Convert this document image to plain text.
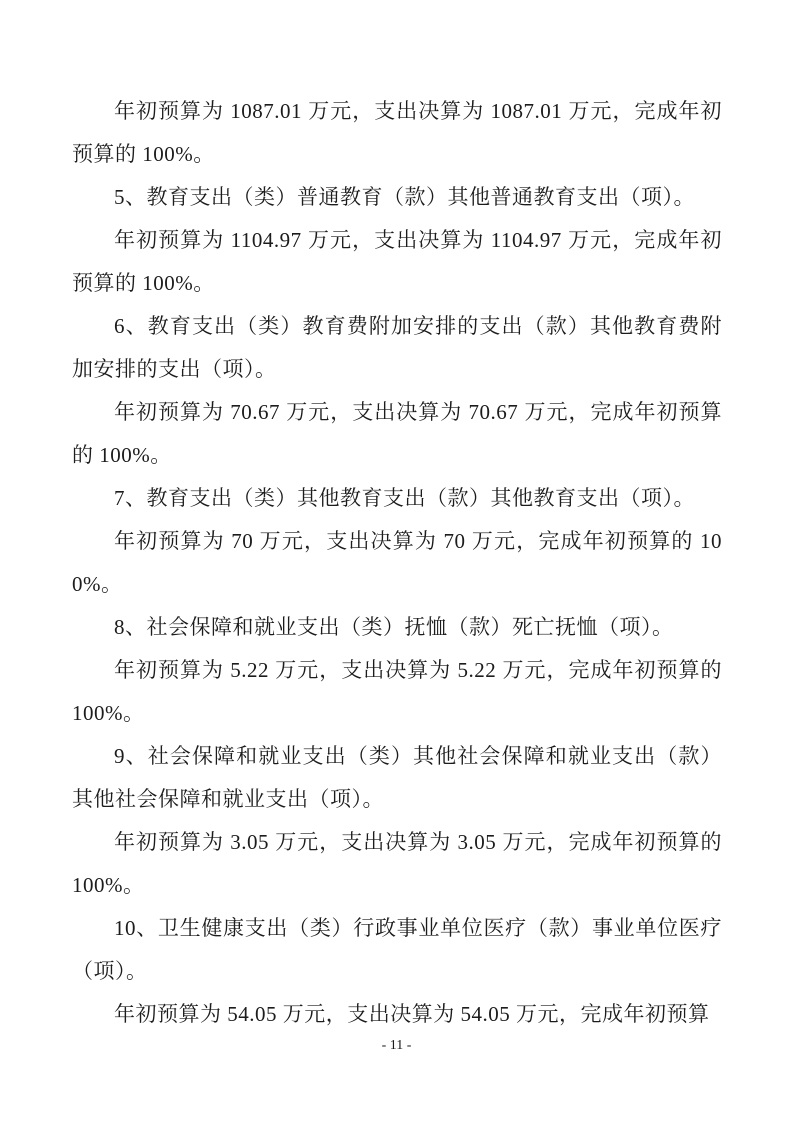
年初预算为 1087.01 万元，支出决算为 1087.01 万元，完成年初预算的 100%。

5、教育支出（类）普通教育（款）其他普通教育支出（项）。

年初预算为 1104.97 万元，支出决算为 1104.97 万元，完成年初预算的 100%。

6、教育支出（类）教育费附加安排的支出（款）其他教育费附加安排的支出（项）。

年初预算为 70.67 万元，支出决算为 70.67 万元，完成年初预算的 100%。

7、教育支出（类）其他教育支出（款）其他教育支出（项）。

年初预算为 70 万元，支出决算为 70 万元，完成年初预算的 100%。

8、社会保障和就业支出（类）抚恤（款）死亡抚恤（项）。

年初预算为 5.22 万元，支出决算为 5.22 万元，完成年初预算的 100%。

9、社会保障和就业支出（类）其他社会保障和就业支出（款）其他社会保障和就业支出（项）。

年初预算为 3.05 万元，支出决算为 3.05 万元，完成年初预算的 100%。

10、卫生健康支出（类）行政事业单位医疗（款）事业单位医疗（项）。

年初预算为 54.05 万元，支出决算为 54.05 万元，完成年初预算

- 11 -
